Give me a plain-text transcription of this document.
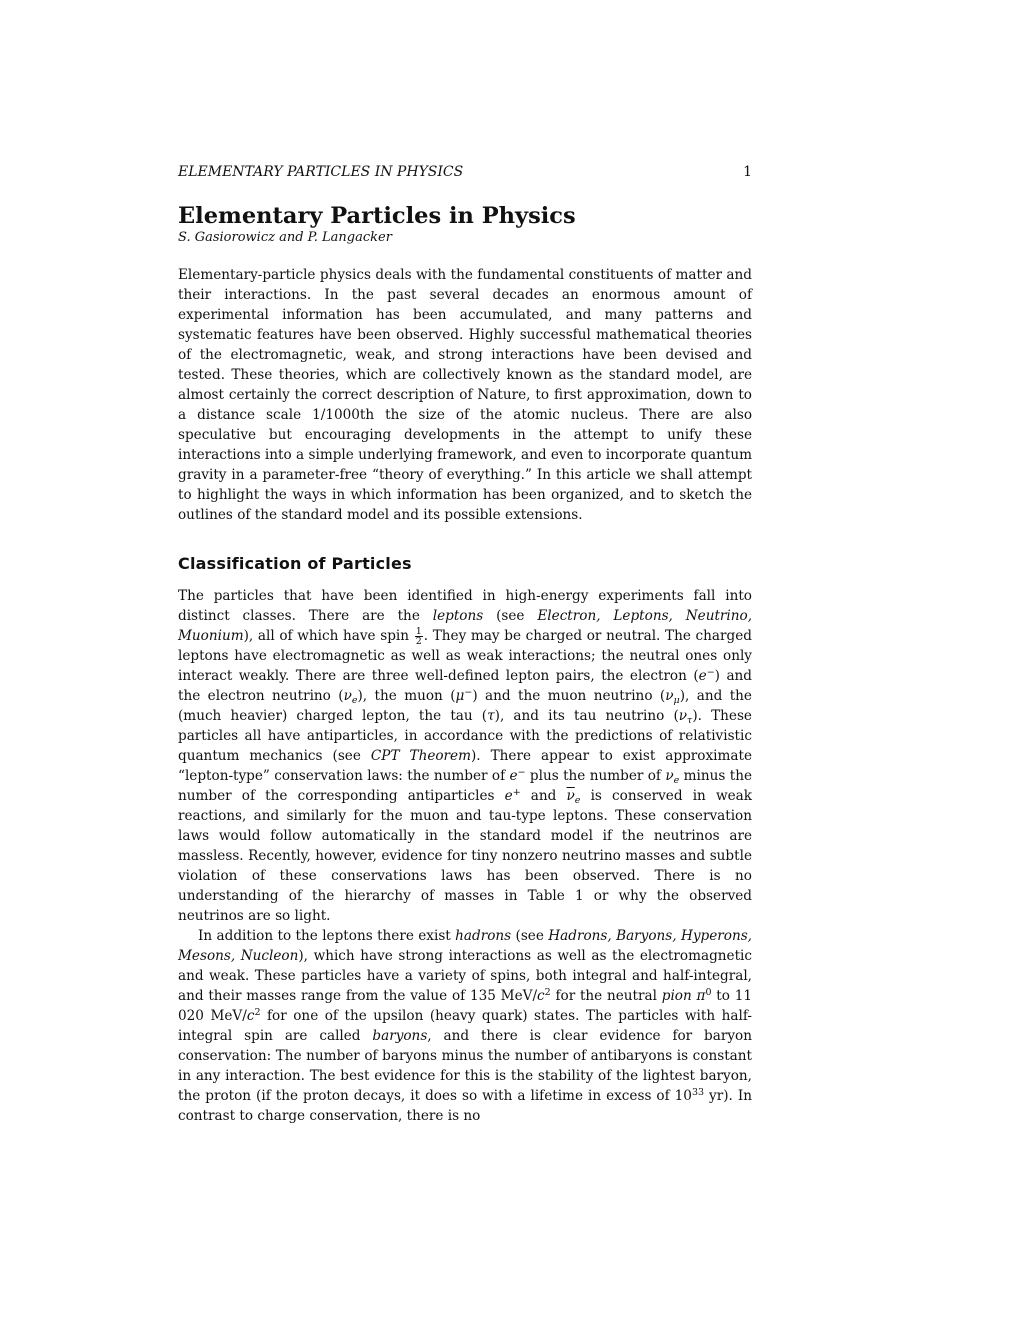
ELEMENTARY PARTICLES IN PHYSICS	1
Elementary Particles in Physics
S. Gasiorowicz and P. Langacker

Elementary-particle physics deals with the fundamental constituents of matter and their interactions. In the past several decades an enormous amount of experimental information has been accumulated, and many patterns and systematic features have been observed. Highly successful mathematical theories of the electromagnetic, weak, and strong interactions have been devised and tested. These theories, which are collectively known as the standard model, are almost certainly the correct description of Nature, to first approximation, down to a distance scale 1/1000th the size of the atomic nucleus. There are also speculative but encouraging developments in the attempt to unify these interactions into a simple underlying framework, and even to incorporate quantum gravity in a parameter-free “theory of everything.” In this article we shall attempt to highlight the ways in which information has been organized, and to sketch the outlines of the standard model and its possible extensions.

Classification of Particles

The particles that have been identified in high-energy experiments fall into distinct classes. There are the leptons (see Electron, Leptons, Neutrino, Muonium), all of which have spin $\frac{1}{2}$ . They may be charged or neutral. The charged leptons have electromagnetic as well as weak interactions; the neutral ones only interact weakly. There are three well-defined lepton pairs, the electron (e−) and the electron neutrino $(\nu_e)$, the muon (μ−) and the muon neutrino $(\nu_\mu)$, and the (much heavier) charged lepton, the tau (τ), and its tau neutrino $(\nu_\tau)$. These particles all have antiparticles, in accordance with the predictions of relativistic quantum mechanics (see CPT Theorem). There appear to exist approximate “lepton-type” conservation laws: the number of e− plus the number of $\nu_e$ minus the number of the corresponding antiparticles e+ and $\overline{\nu}_e$ is conserved in weak reactions, and similarly for the muon and tau-type leptons. These conservation laws would follow automatically in the standard model if the neutrinos are massless. Recently, however, evidence for tiny nonzero neutrino masses and subtle violation of these conservations laws has been observed. There is no understanding of the hierarchy of masses in Table 1 or why the observed neutrinos are so light.

In addition to the leptons there exist hadrons (see Hadrons, Baryons, Hyperons, Mesons, Nucleon), which have strong interactions as well as the electromagnetic and weak. These particles have a variety of spins, both integral and half-integral, and their masses range from the value of 135 MeV/$c^2$ for the neutral pion $\pi^0$ to 11 020 MeV/$c^2$ for one of the upsilon (heavy quark) states. The particles with half-integral spin are called baryons, and there is clear evidence for baryon conservation: The number of baryons minus the number of antibaryons is constant in any interaction. The best evidence for this is the stability of the lightest baryon, the proton (if the proton decays, it does so with a lifetime in excess of $10^{33}$ yr). In contrast to charge conservation, there is no
